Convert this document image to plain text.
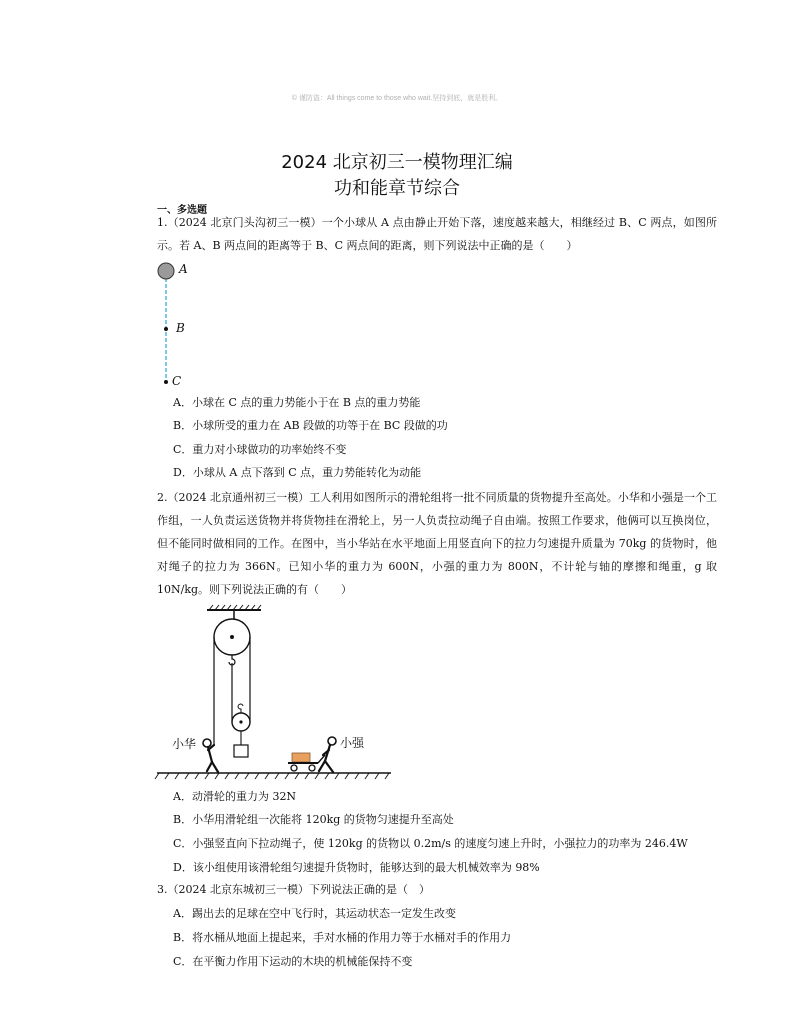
© 谨防盗：All things come to those who wait.坚持到底，就是胜利。
2024 北京初三一模物理汇编
功和能章节综合
一、多选题
1.（2024 北京门头沟初三一模）一个小球从 A 点由静止开始下落，速度越来越大，相继经过 B、C 两点，如图所示。若 A、B 两点间的距离等于 B、C 两点间的距离，则下列说法中正确的是（　　）
A
B
C
A．小球在 C 点的重力势能小于在 B 点的重力势能
B．小球所受的重力在 AB 段做的功等于在 BC 段做的功
C．重力对小球做功的功率始终不变
D．小球从 A 点下落到 C 点，重力势能转化为动能
2.（2024 北京通州初三一模）工人利用如图所示的滑轮组将一批不同质量的货物提升至高处。小华和小强是一个工作组，一人负责运送货物并将货物挂在滑轮上，另一人负责拉动绳子自由端。按照工作要求，他俩可以互换岗位，但不能同时做相同的工作。在图中，当小华站在水平地面上用竖直向下的拉力匀速提升质量为 70kg 的货物时，他对绳子的拉力为 366N。已知小华的重力为 600N，小强的重力为 800N，不计轮与轴的摩擦和绳重，g 取 10N/kg。则下列说法正确的有（　　）
小华	小强
A．动滑轮的重力为 32N
B．小华用滑轮组一次能将 120kg 的货物匀速提升至高处
C．小强竖直向下拉动绳子，使 120kg 的货物以 0.2m/s 的速度匀速上升时，小强拉力的功率为 246.4W
D．该小组使用该滑轮组匀速提升货物时，能够达到的最大机械效率为 98%
3.（2024 北京东城初三一模）下列说法正确的是（　）
A．踢出去的足球在空中飞行时，其运动状态一定发生改变
B．将水桶从地面上提起来，手对水桶的作用力等于水桶对手的作用力
C．在平衡力作用下运动的木块的机械能保持不变
